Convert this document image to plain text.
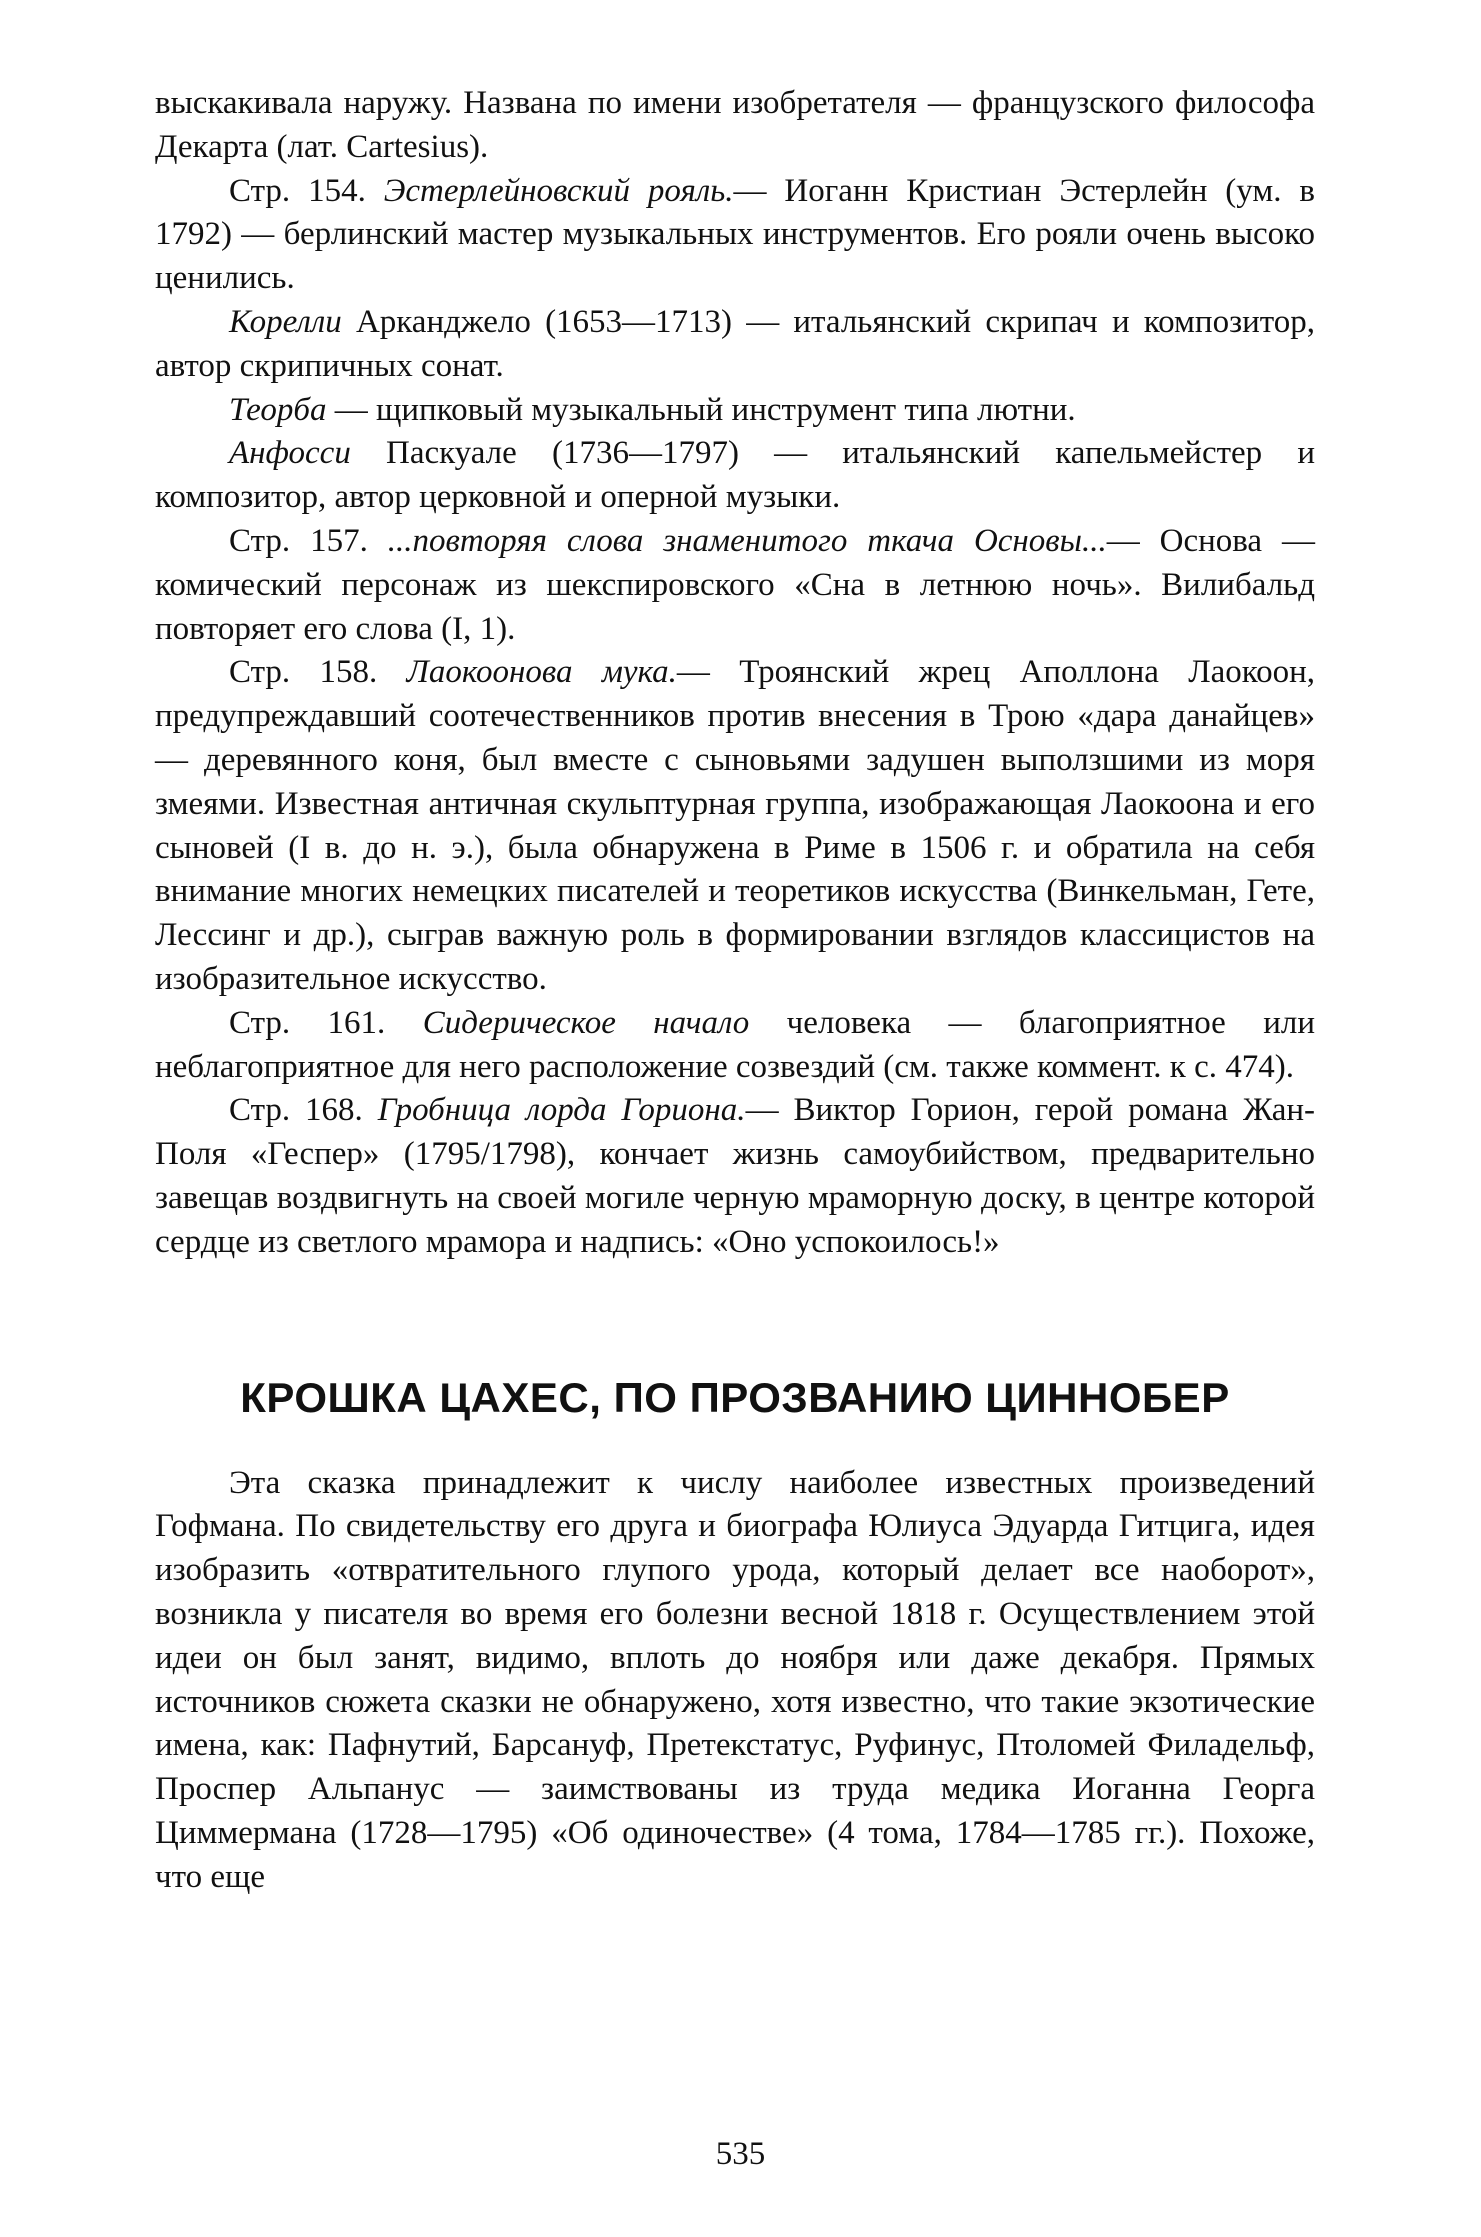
выскакивала наружу. Названа по имени изобретателя — французского философа Декарта (лат. Cartesius).

Стр. 154. Эстерлейновский рояль.— Иоганн Кристиан Эстерлейн (ум. в 1792) — берлинский мастер музыкальных инструментов. Его рояли очень высоко ценились.

Корелли Арканджело (1653—1713) — итальянский скрипач и композитор, автор скрипичных сонат.

Теорба — щипковый музыкальный инструмент типа лютни.

Анфосси Паскуале (1736—1797) — итальянский капельмейстер и композитор, автор церковной и оперной музыки.

Стр. 157. ...повторяя слова знаменитого ткача Основы...— Основа — комический персонаж из шекспировского «Сна в летнюю ночь». Вилибальд повторяет его слова (I, 1).

Стр. 158. Лаокоонова мука.— Троянский жрец Аполлона Лаокоон, предупреждавший соотечественников против внесения в Трою «дара данайцев» — деревянного коня, был вместе с сыновьями задушен выползшими из моря змеями. Известная античная скульптурная группа, изображающая Лаокоона и его сыновей (I в. до н. э.), была обнаружена в Риме в 1506 г. и обратила на себя внимание многих немецких писателей и теоретиков искусства (Винкельман, Гете, Лессинг и др.), сыграв важную роль в формировании взглядов классицистов на изобразительное искусство.

Стр. 161. Сидерическое начало человека — благоприятное или неблагоприятное для него расположение созвездий (см. также коммент. к с. 474).

Стр. 168. Гробница лорда Гориона.— Виктор Горион, герой романа Жан-Поля «Геспер» (1795/1798), кончает жизнь самоубийством, предварительно завещав воздвигнуть на своей могиле черную мраморную доску, в центре которой сердце из светлого мрамора и надпись: «Оно успокоилось!»

КРОШКА ЦАХЕС, ПО ПРОЗВАНИЮ ЦИННОБЕР

Эта сказка принадлежит к числу наиболее известных произведений Гофмана. По свидетельству его друга и биографа Юлиуса Эдуарда Гитцига, идея изобразить «отвратительного глупого урода, который делает все наоборот», возникла у писателя во время его болезни весной 1818 г. Осуществлением этой идеи он был занят, видимо, вплоть до ноября или даже декабря. Прямых источников сюжета сказки не обнаружено, хотя известно, что такие экзотические имена, как: Пафнутий, Барсануф, Претекстатус, Руфинус, Птоломей Филадельф, Проспер Альпанус — заимствованы из труда медика Иоганна Георга Циммермана (1728—1795) «Об одиночестве» (4 тома, 1784—1785 гг.). Похоже, что еще

535
